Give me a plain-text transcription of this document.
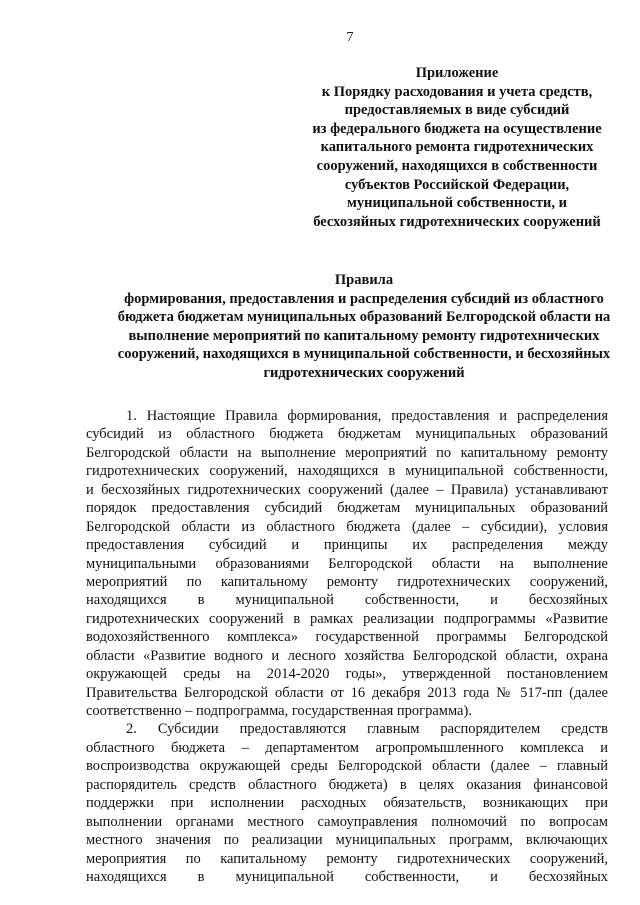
7
Приложение
к Порядку расходования и учета средств,
предоставляемых в виде субсидий
из федерального бюджета на осуществление
капитального ремонта гидротехнических
сооружений, находящихся в собственности
субъектов Российской Федерации,
муниципальной собственности, и
бесхозяйных гидротехнических сооружений
Правила
формирования, предоставления и распределения субсидий из областного
бюджета бюджетам муниципальных образований Белгородской области на
выполнение мероприятий по капитальному ремонту гидротехнических
сооружений, находящихся в муниципальной собственности, и бесхозяйных
гидротехнических сооружений
1. Настоящие Правила формирования, предоставления и распределения
субсидий из областного бюджета бюджетам муниципальных образований
Белгородской области на выполнение мероприятий по капитальному ремонту
гидротехнических сооружений, находящихся в муниципальной собственности,
и бесхозяйных гидротехнических сооружений (далее – Правила) устанавливают
порядок предоставления субсидий бюджетам муниципальных образований
Белгородской области из областного бюджета (далее – субсидии), условия
предоставления субсидий и принципы их распределения между
муниципальными образованиями Белгородской области на выполнение
мероприятий по капитальному ремонту гидротехнических сооружений,
находящихся в муниципальной собственности, и бесхозяйных
гидротехнических сооружений в рамках реализации подпрограммы «Развитие
водохозяйственного комплекса» государственной программы Белгородской
области «Развитие водного и лесного хозяйства Белгородской области, охрана
окружающей среды на 2014-2020 годы», утвержденной постановлением
Правительства Белгородской области от 16 декабря 2013 года № 517-пп (далее
соответственно – подпрограмма, государственная программа).
2. Субсидии предоставляются главным распорядителем средств
областного бюджета – департаментом агропромышленного комплекса и
воспроизводства окружающей среды Белгородской области (далее – главный
распорядитель средств областного бюджета) в целях оказания финансовой
поддержки при исполнении расходных обязательств, возникающих при
выполнении органами местного самоуправления полномочий по вопросам
местного значения по реализации муниципальных программ, включающих
мероприятия по капитальному ремонту гидротехнических сооружений,
находящихся в муниципальной собственности, и бесхозяйных
